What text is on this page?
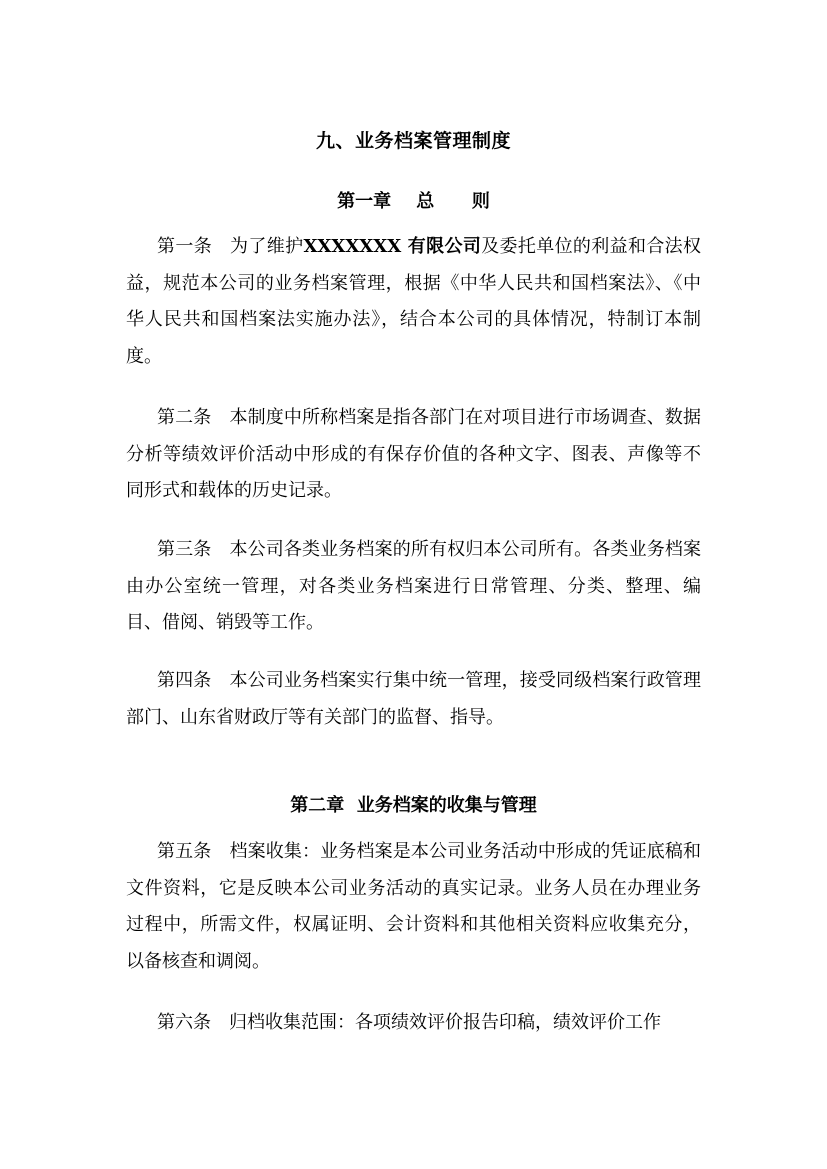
九、业务档案管理制度
第一章    总      则
第一条 为了维护XXXXXXX 有限公司及委托单位的利益和合法权益，规范本公司的业务档案管理，根据《中华人民共和国档案法》、《中华人民共和国档案法实施办法》，结合本公司的具体情况，特制订本制度。
第二条 本制度中所称档案是指各部门在对项目进行市场调查、数据分析等绩效评价活动中形成的有保存价值的各种文字、图表、声像等不同形式和载体的历史记录。
第三条 本公司各类业务档案的所有权归本公司所有。各类业务档案由办公室统一管理，对各类业务档案进行日常管理、分类、整理、编目、借阅、销毁等工作。
第四条 本公司业务档案实行集中统一管理，接受同级档案行政管理部门、山东省财政厅等有关部门的监督、指导。
第二章  业务档案的收集与管理
第五条 档案收集：业务档案是本公司业务活动中形成的凭证底稿和文件资料，它是反映本公司业务活动的真实记录。业务人员在办理业务过程中，所需文件，权属证明、会计资料和其他相关资料应收集充分，以备核查和调阅。
第六条 归档收集范围：各项绩效评价报告印稿，绩效评价工作
